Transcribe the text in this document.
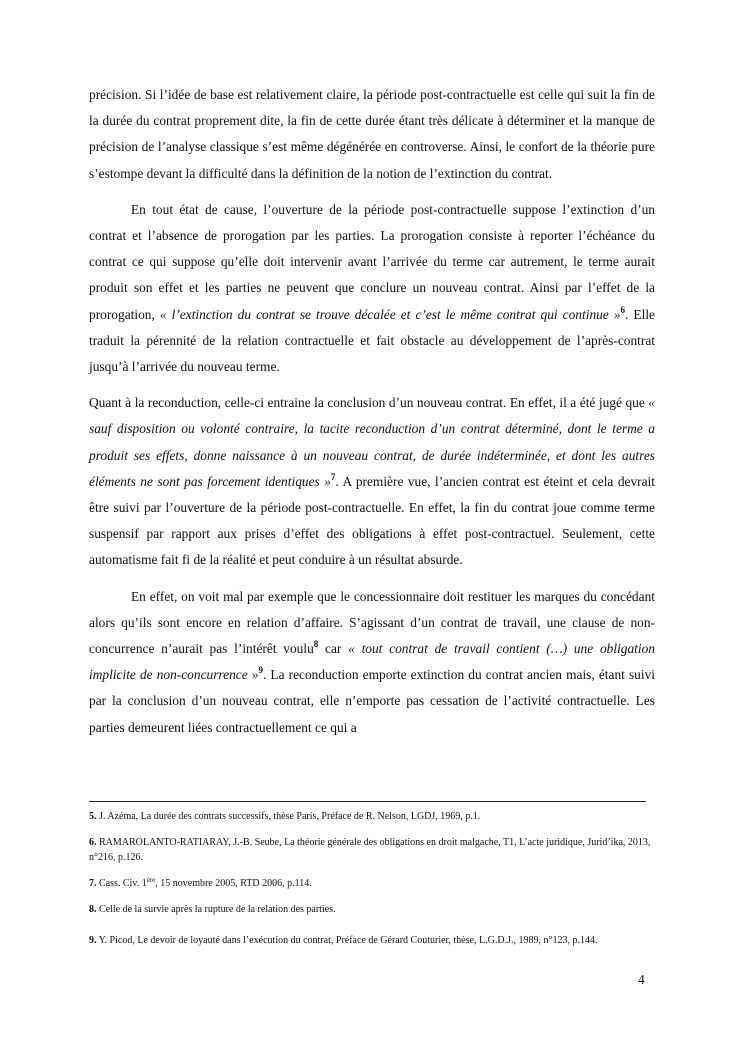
précision. Si l’idée de base est relativement claire, la période post-contractuelle est celle qui suit la fin de la durée du contrat proprement dite, la fin de cette durée étant très délicate à déterminer et la manque de précision de l’analyse classique s’est même dégénérée en controverse. Ainsi, le confort de la théorie pure s’estompe devant la difficulté dans la définition de la notion de l’extinction du contrat.

En tout état de cause, l’ouverture de la période post-contractuelle suppose l’extinction d’un contrat et l’absence de prorogation par les parties. La prorogation consiste à reporter l’échéance du contrat ce qui suppose qu’elle doit intervenir avant l’arrivée du terme car autrement, le terme aurait produit son effet et les parties ne peuvent que conclure un nouveau contrat. Ainsi par l’effet de la prorogation, « l’extinction du contrat se trouve décalée et c’est le même contrat qui continue »$^6$. Elle traduit la pérennité de la relation contractuelle et fait obstacle au développement de l’après-contrat jusqu’à l’arrivée du nouveau terme.

Quant à la reconduction, celle-ci entraine la conclusion d’un nouveau contrat. En effet, il a été jugé que « sauf disposition ou volonté contraire, la tacite reconduction d’un contrat déterminé, dont le terme a produit ses effets, donne naissance à un nouveau contrat, de durée indéterminée, et dont les autres éléments ne sont pas forcement identiques »$^7$. A première vue, l’ancien contrat est éteint et cela devrait être suivi par l’ouverture de la période post-contractuelle. En effet, la fin du contrat joue comme terme suspensif par rapport aux prises d’effet des obligations à effet post-contractuel. Seulement, cette automatisme fait fi de la réalité et peut conduire à un résultat absurde.

En effet, on voit mal par exemple que le concessionnaire doit restituer les marques du concédant alors qu’ils sont encore en relation d’affaire. S’agissant d’un contrat de travail, une clause de non-concurrence n’aurait pas l’intérêt voulu$^8$ car « tout contrat de travail contient (…) une obligation implicite de non-concurrence »$^9$. La reconduction emporte extinction du contrat ancien mais, étant suivi par la conclusion d’un nouveau contrat, elle n’emporte pas cessation de l’activité contractuelle. Les parties demeurent liées contractuellement ce qui a

5. J. Azéma, La durée des contrats successifs, thèse Paris, Préface de R. Nelson, LGDJ, 1969, p.1.
6. RAMAROLANTO-RATIARAY, J.-B. Seube, La théorie générale des obligations en droit malgache, T1, L’acte juridique, Jurid’ika, 2013, n°216, p.126.
7. Cass. Civ. 1ère, 15 novembre 2005, RTD 2006, p.114.
8. Celle de la survie après la rupture de la relation des parties.
9. Y. Picod, Le devoir de loyauté dans l’exécution du contrat, Préface de Gérard Couturier, thèse, L.G.D.J., 1989, n°123, p.144.
4
